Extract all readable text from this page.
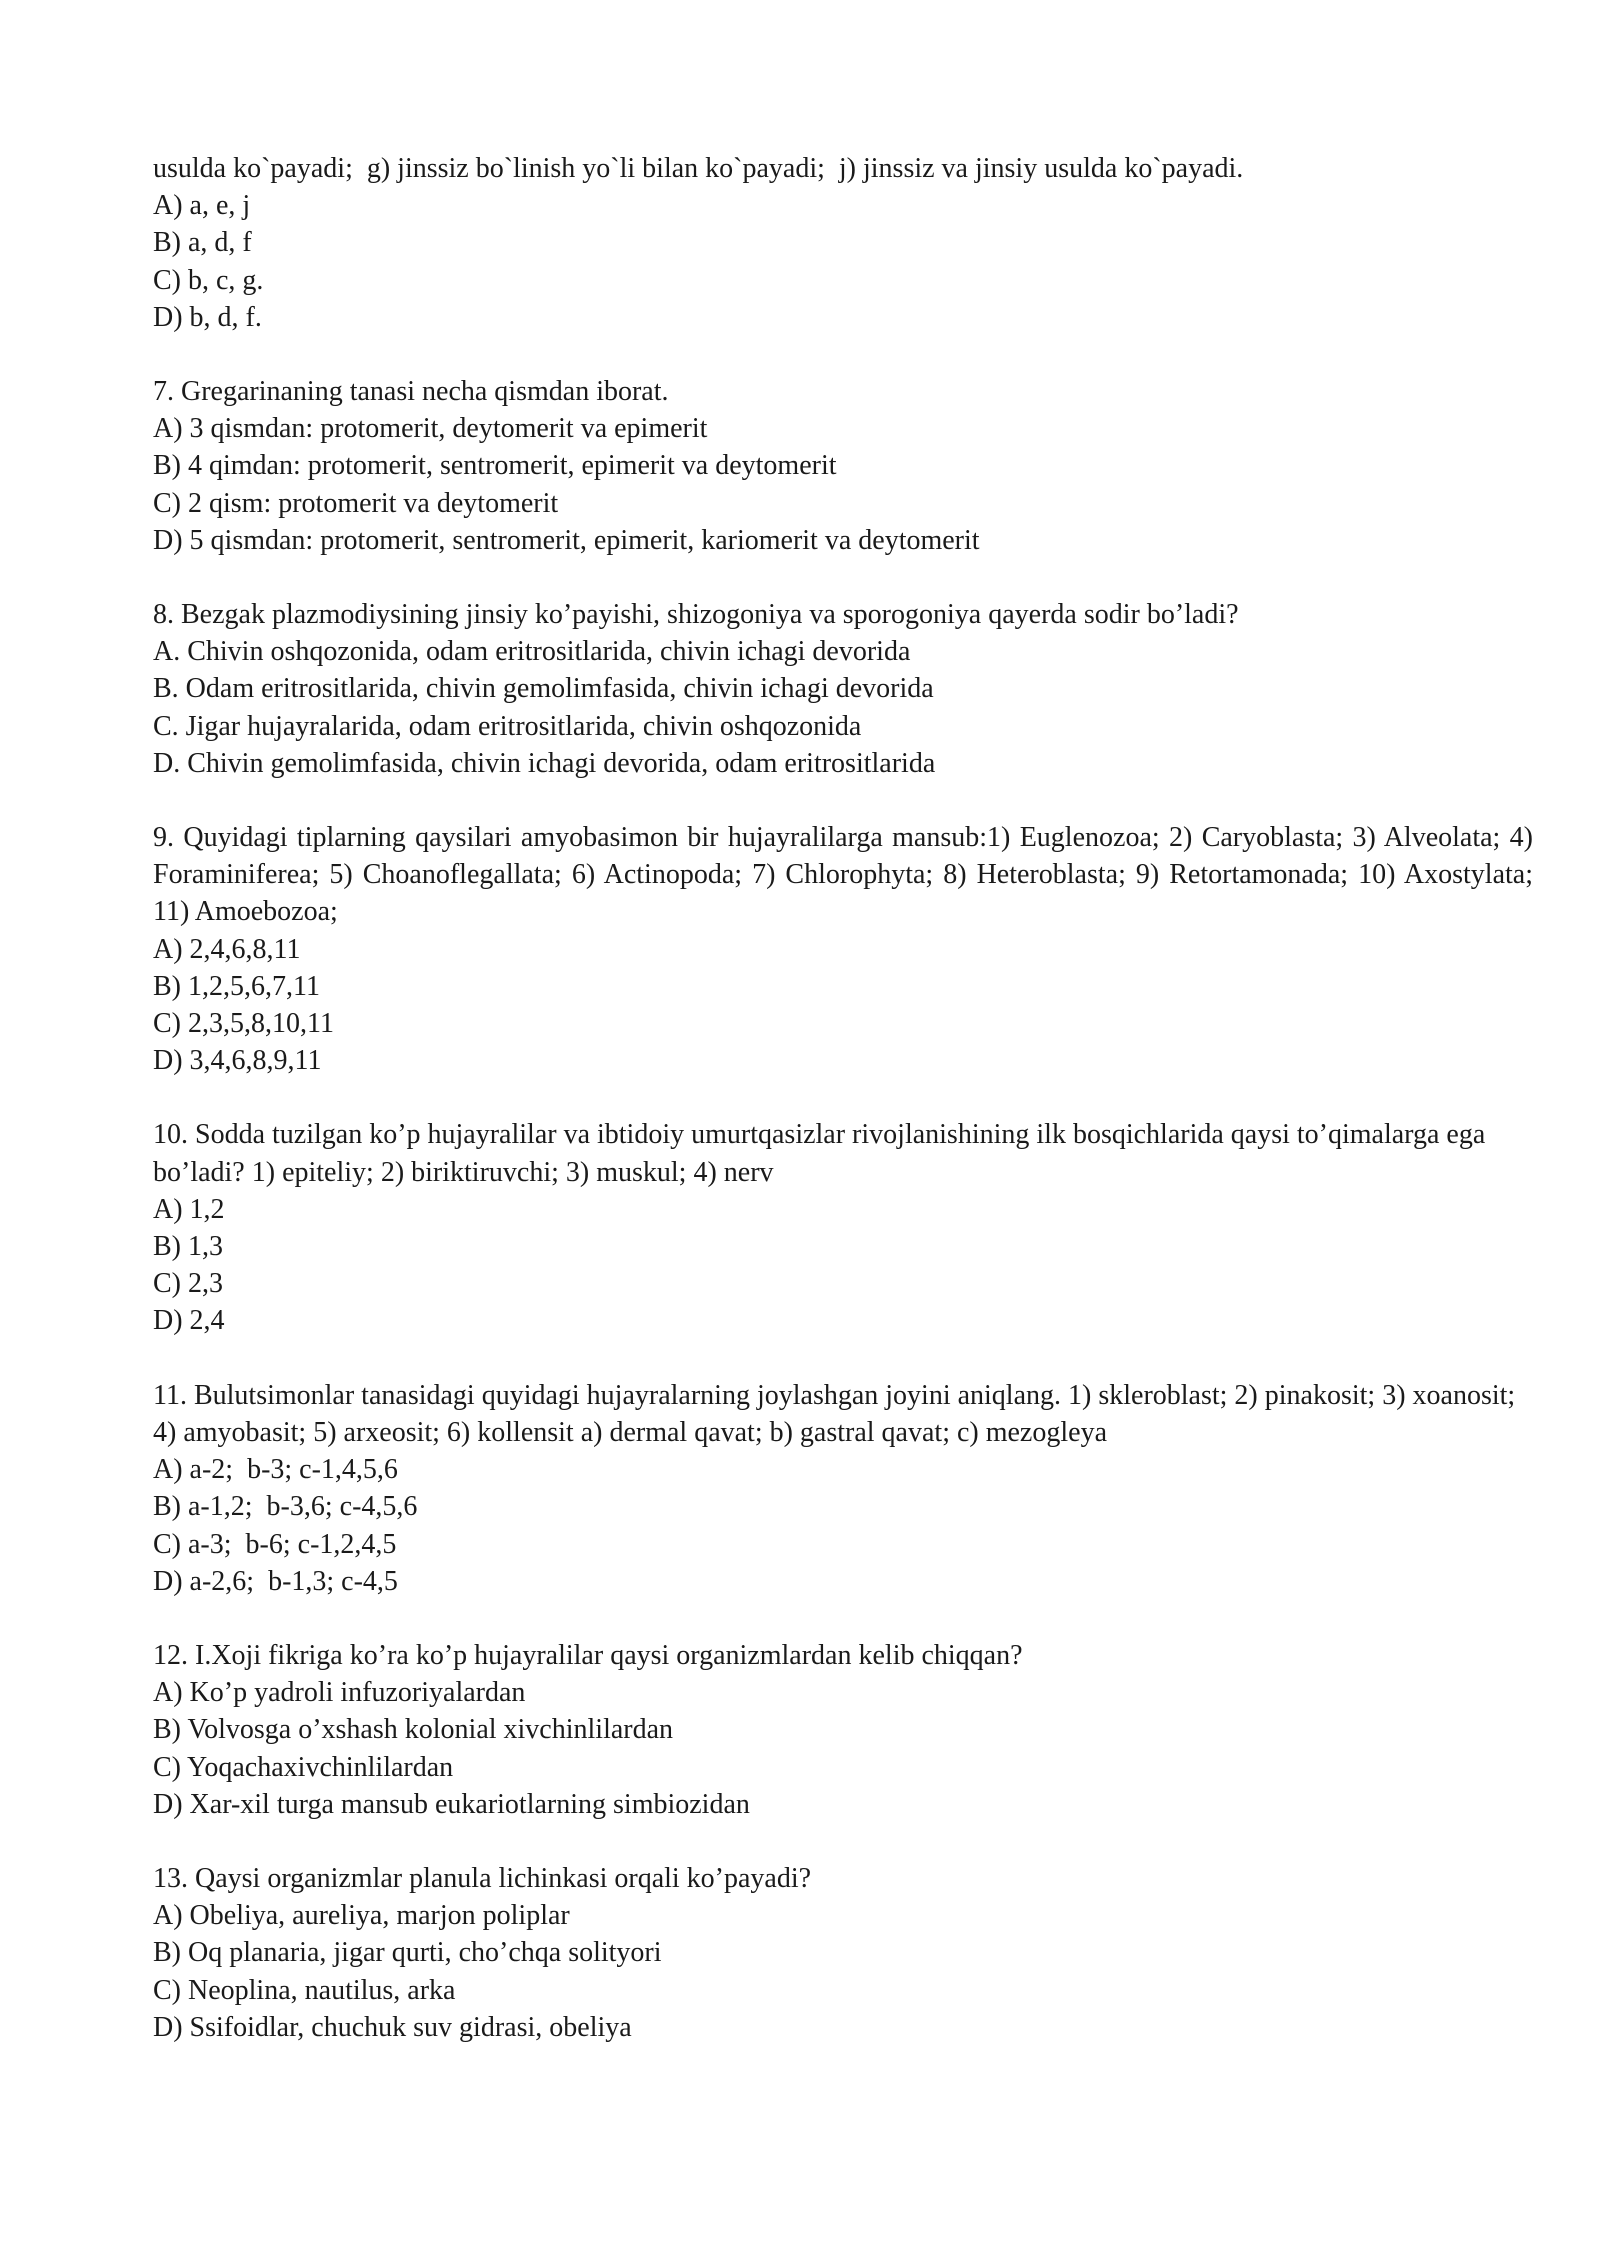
usulda ko`payadi;  g) jinssiz bo`linish yo`li bilan ko`payadi;  j) jinssiz va jinsiy usulda ko`payadi.

A) a, e, j

B) a, d, f

C) b, c, g.

D) b, d, f.

7. Gregarinaning tanasi necha qismdan iborat.

A) 3 qismdan: protomerit, deytomerit va epimerit

B) 4 qimdan: protomerit, sentromerit, epimerit va deytomerit

C) 2 qism: protomerit va deytomerit

D) 5 qismdan: protomerit, sentromerit, epimerit, kariomerit va deytomerit

8. Bezgak plazmodiysining jinsiy ko’payishi, shizogoniya va sporogoniya qayerda sodir bo’ladi?

A. Chivin oshqozonida, odam eritrositlarida, chivin ichagi devorida

B. Odam eritrositlarida, chivin gemolimfasida, chivin ichagi devorida

C. Jigar hujayralarida, odam eritrositlarida, chivin oshqozonida

D. Chivin gemolimfasida, chivin ichagi devorida, odam eritrositlarida

9. Quyidagi tiplarning qaysilari amyobasimon bir hujayralilarga mansub:1) Euglenozoa; 2) Caryoblasta; 3) Alveolata; 4) Foraminiferea; 5) Choanoflegallata; 6) Actinopoda; 7) Chlorophyta; 8) Heteroblasta; 9) Retortamonada; 10) Axostylata; 11) Amoebozoa;

A) 2,4,6,8,11

B) 1,2,5,6,7,11

C) 2,3,5,8,10,11

D) 3,4,6,8,9,11

10. Sodda tuzilgan ko’p hujayralilar va ibtidoiy umurtqasizlar rivojlanishining ilk bosqichlarida qaysi to’qimalarga ega bo’ladi? 1) epiteliy; 2) biriktiruvchi; 3) muskul; 4) nerv

A) 1,2

B) 1,3

C) 2,3

D) 2,4

11. Bulutsimonlar tanasidagi quyidagi hujayralarning joylashgan joyini aniqlang. 1) skleroblast; 2) pinakosit; 3) xoanosit; 4) amyobasit; 5) arxeosit; 6) kollensit a) dermal qavat; b) gastral qavat; c) mezogleya

A) a-2;  b-3; c-1,4,5,6

B) a-1,2;  b-3,6; c-4,5,6

C) a-3;  b-6; c-1,2,4,5

D) a-2,6;  b-1,3; c-4,5

12. I.Xoji fikriga ko’ra ko’p hujayralilar qaysi organizmlardan kelib chiqqan?

A) Ko’p yadroli infuzoriyalardan

B) Volvosga o’xshash kolonial xivchinlilardan

C) Yoqachaxivchinlilardan

D) Xar-xil turga mansub eukariotlarning simbiozidan

13. Qaysi organizmlar planula lichinkasi orqali ko’payadi?

A) Obeliya, aureliya, marjon poliplar

B) Oq planaria, jigar qurti, cho’chqa solityori

C) Neoplina, nautilus, arka

D) Ssifoidlar, chuchuk suv gidrasi, obeliya
